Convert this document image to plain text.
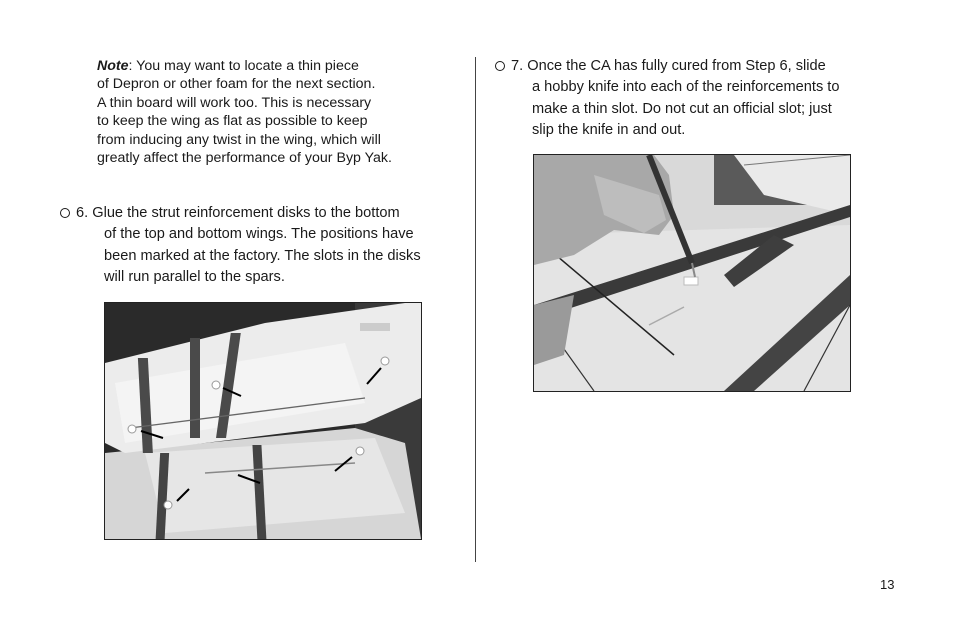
Note: You may want to locate a thin piece
of Depron or other foam for the next section.
A thin board will work too. This is necessary
to keep the wing as flat as possible to keep
from inducing any twist in the wing, which will
greatly affect the performance of your Byp Yak.
6. Glue the strut reinforcement disks to the bottom
of the top and bottom wings. The positions have
been marked at the factory. The slots in the disks
will run parallel to the spars.
7. Once the CA has fully cured from Step 6, slide
a hobby knife into each of the reinforcements to
make a thin slot. Do not cut an official slot; just
slip the knife in and out.
13
